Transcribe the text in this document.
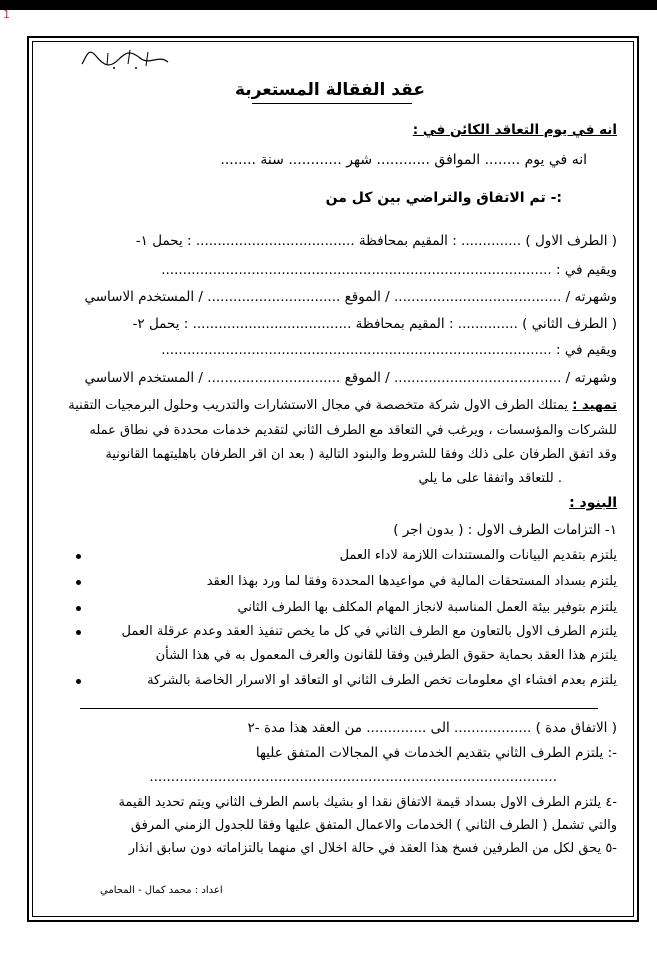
1
عقد الفقالة المستعربة
انه في يوم التعاقد الكائن في :
انه في يوم ........ الموافق ............ شهر ............ سنة ........
:- تم الاتفاق والتراضي بين كل من
( الطرف الاول ) .............. : المقيم بمحافظة ..................................... : يحمل ١-
ويقيم في : ...........................................................................................
وشهرته / ....................................... / الموقع ............................... / المستخدم الاساسي
( الطرف الثاني ) .............. : المقيم بمحافظة ..................................... : يحمل ٢-
ويقيم في : ...........................................................................................
وشهرته / ....................................... / الموقع ............................... / المستخدم الاساسي
تمهيد : يمتلك الطرف الاول شركة متخصصة في مجال الاستشارات والتدريب وحلول البرمجيات التقنية
للشركات والمؤسسات ، ويرغب في التعاقد مع الطرف الثاني لتقديم خدمات محددة في نطاق عمله
وقد اتفق الطرفان على ذلك وفقا للشروط والبنود التالية ( بعد ان اقر الطرفان باهليتهما القانونية
. للتعاقد واتفقا على ما يلي
البنود :
١- التزامات الطرف الاول : ( بدون اجر )
يلتزم بتقديم البيانات والمستندات اللازمة لاداء العمل
يلتزم بسداد المستحقات المالية في مواعيدها المحددة وفقا لما ورد بهذا العقد
يلتزم بتوفير بيئة العمل المناسبة لانجاز المهام المكلف بها الطرف الثاني
يلتزم الطرف الاول بالتعاون مع الطرف الثاني في كل ما يخص تنفيذ العقد وعدم عرقلة العمل
يلتزم هذا العقد بحماية حقوق الطرفين وفقا للقانون والعرف المعمول به في هذا الشأن
يلتزم بعدم افشاء اي معلومات تخص الطرف الثاني او التعاقد او الاسرار الخاصة بالشركة
( الاتفاق مدة ) .................. الى .............. من العقد هذا مدة -٢
-: يلتزم الطرف الثاني بتقديم الخدمات في المجالات المتفق عليها
...............................................................................................
-٤ يلتزم الطرف الاول بسداد قيمة الاتفاق نقدا او بشيك باسم الطرف الثاني ويتم تحديد القيمة
والتي تشمل ( الطرف الثاني ) الخدمات والاعمال المتفق عليها وفقا للجدول الزمني المرفق
-٥ يحق لكل من الطرفين فسخ هذا العقد في حالة اخلال اي منهما بالتزاماته دون سابق انذار
اعداد : محمد كمال - المحامي
